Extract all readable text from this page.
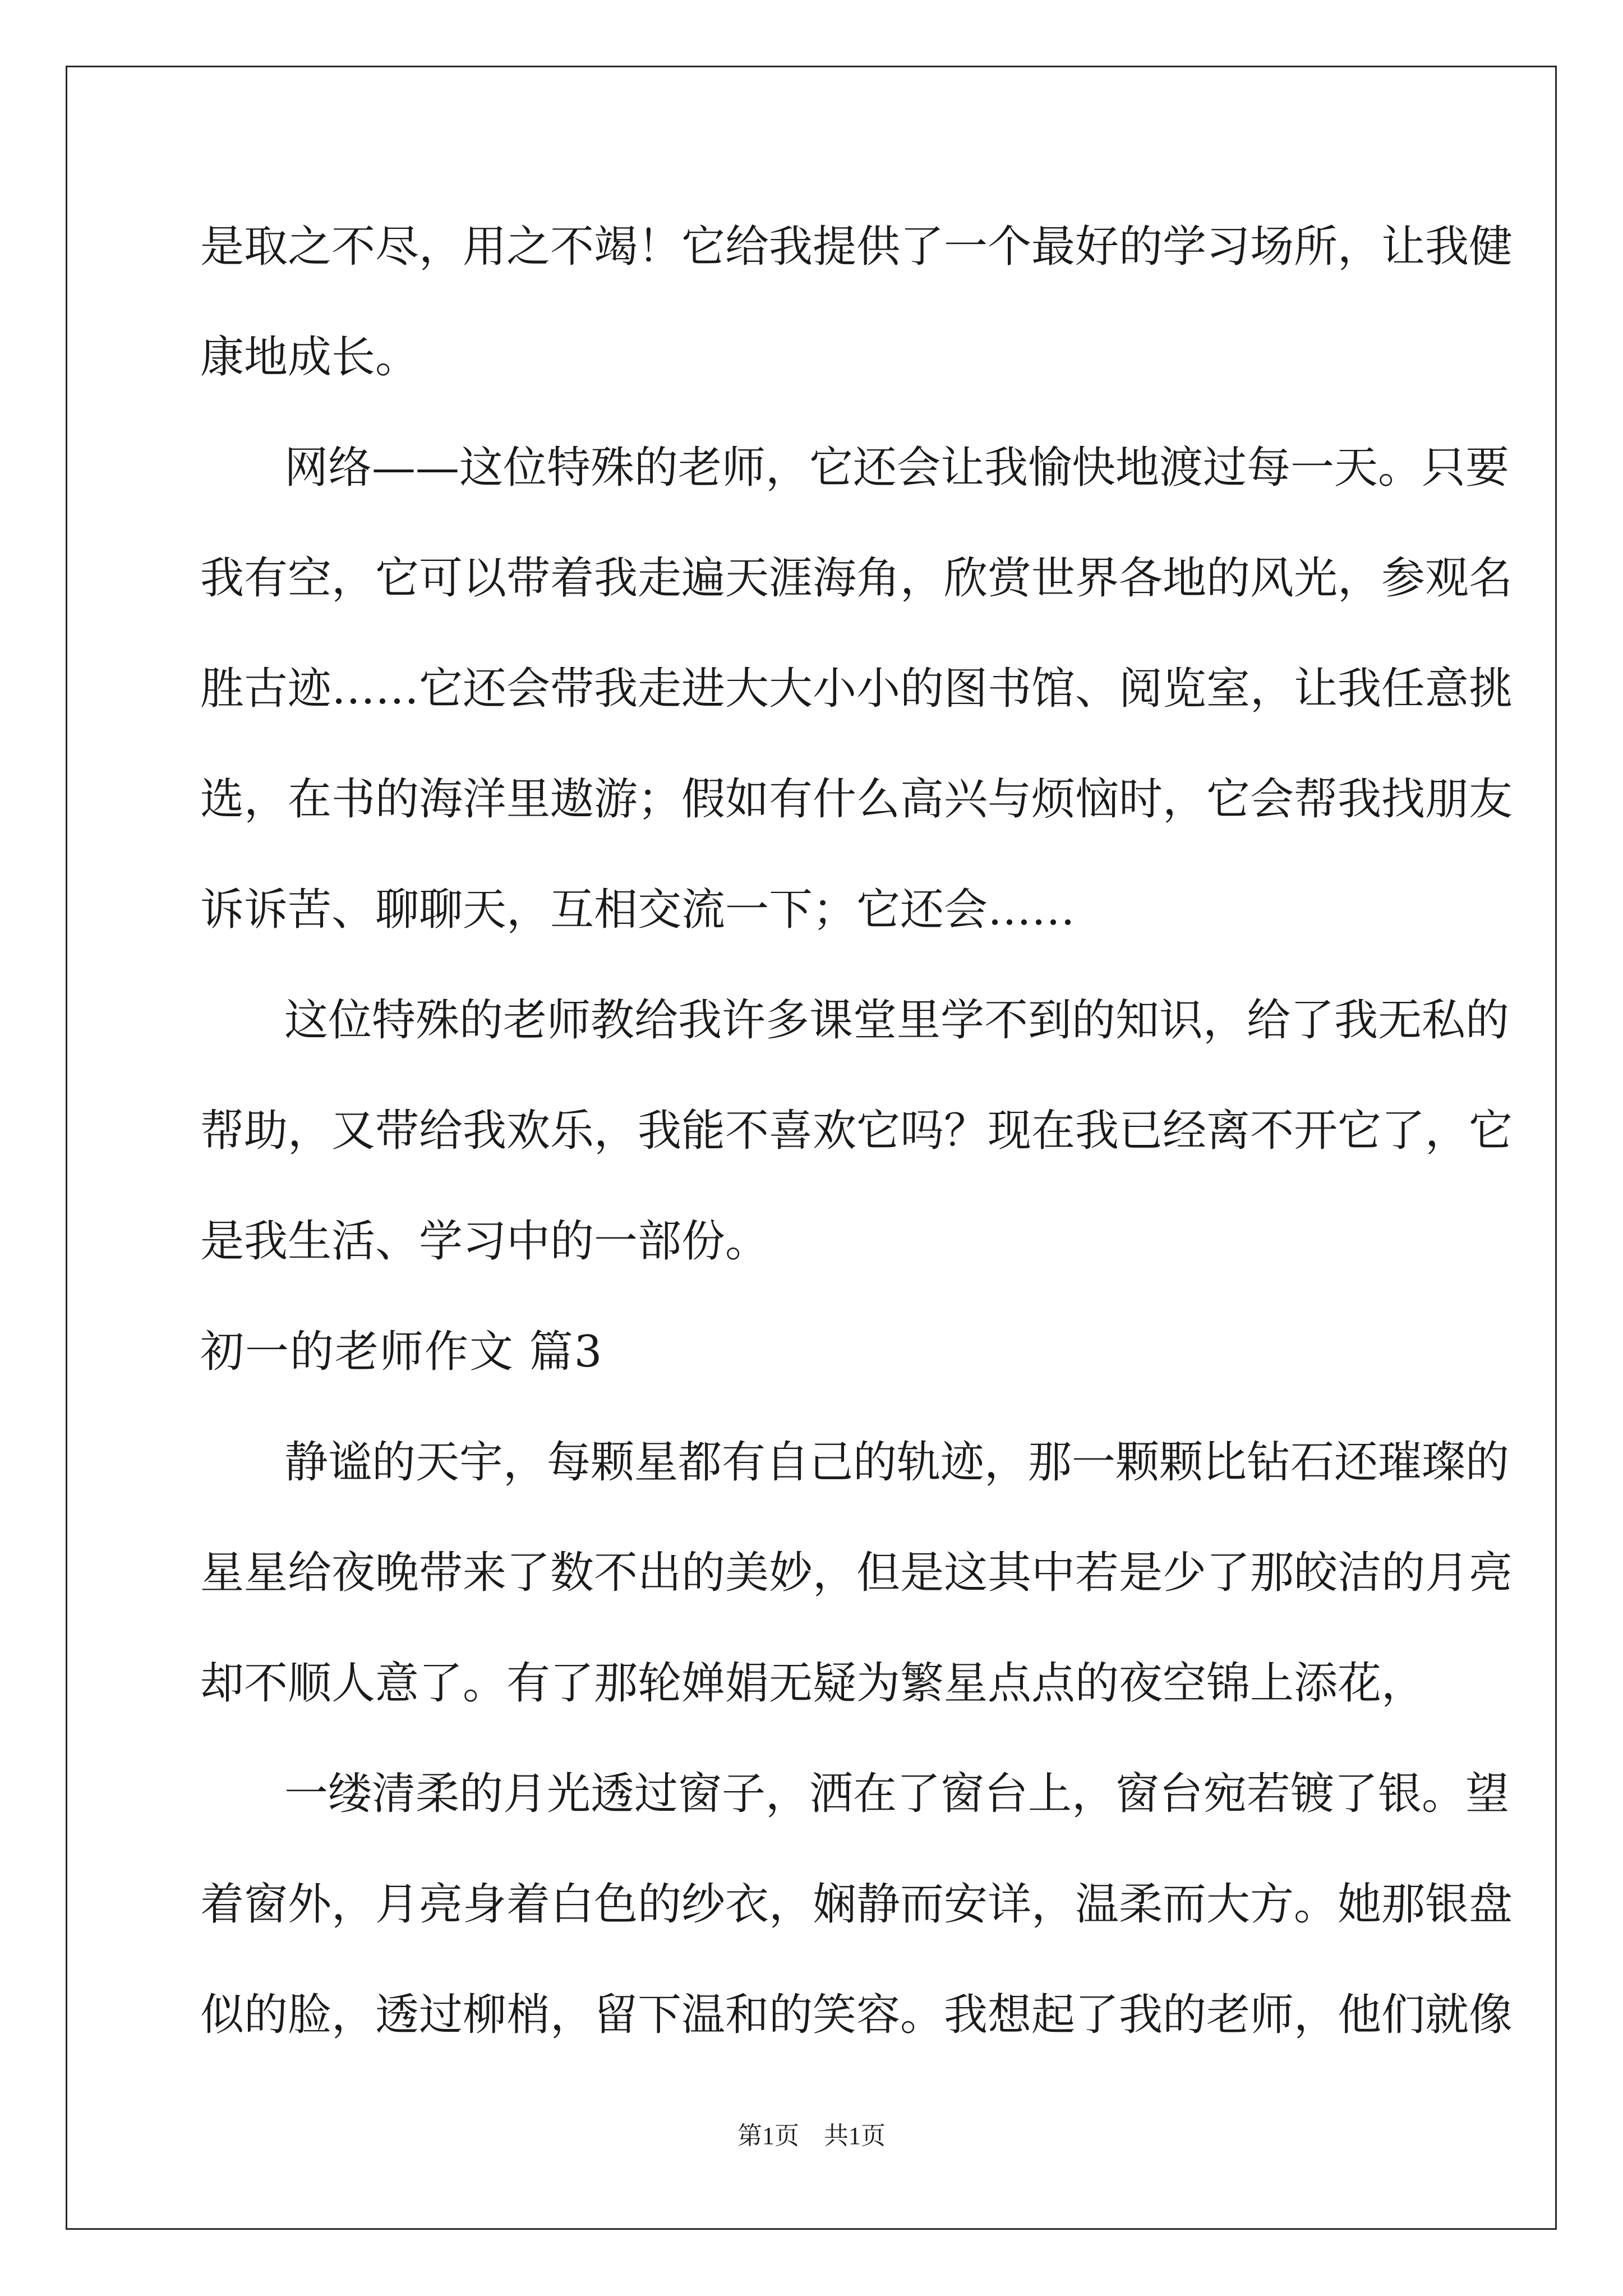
是取之不尽，用之不竭！它给我提供了一个最好的学习场所，让我健
康地成长。
网络——这位特殊的老师，它还会让我愉快地渡过每一天。只要
我有空，它可以带着我走遍天涯海角，欣赏世界各地的风光，参观名
胜古迹……它还会带我走进大大小小的图书馆、阅览室，让我任意挑
选，在书的海洋里遨游；假如有什么高兴与烦恼时，它会帮我找朋友
诉诉苦、聊聊天，互相交流一下；它还会……
这位特殊的老师教给我许多课堂里学不到的知识，给了我无私的
帮助，又带给我欢乐，我能不喜欢它吗？现在我已经离不开它了，它
是我生活、学习中的一部份。
初一的老师作文 篇3
静谧的天宇，每颗星都有自己的轨迹，那一颗颗比钻石还璀璨的
星星给夜晚带来了数不出的美妙，但是这其中若是少了那皎洁的月亮
却不顺人意了。有了那轮婵娟无疑为繁星点点的夜空锦上添花，
一缕清柔的月光透过窗子，洒在了窗台上，窗台宛若镀了银。望
着窗外，月亮身着白色的纱衣，娴静而安详，温柔而大方。她那银盘
似的脸，透过柳梢，留下温和的笑容。我想起了我的老师，他们就像
第1页　共1页
